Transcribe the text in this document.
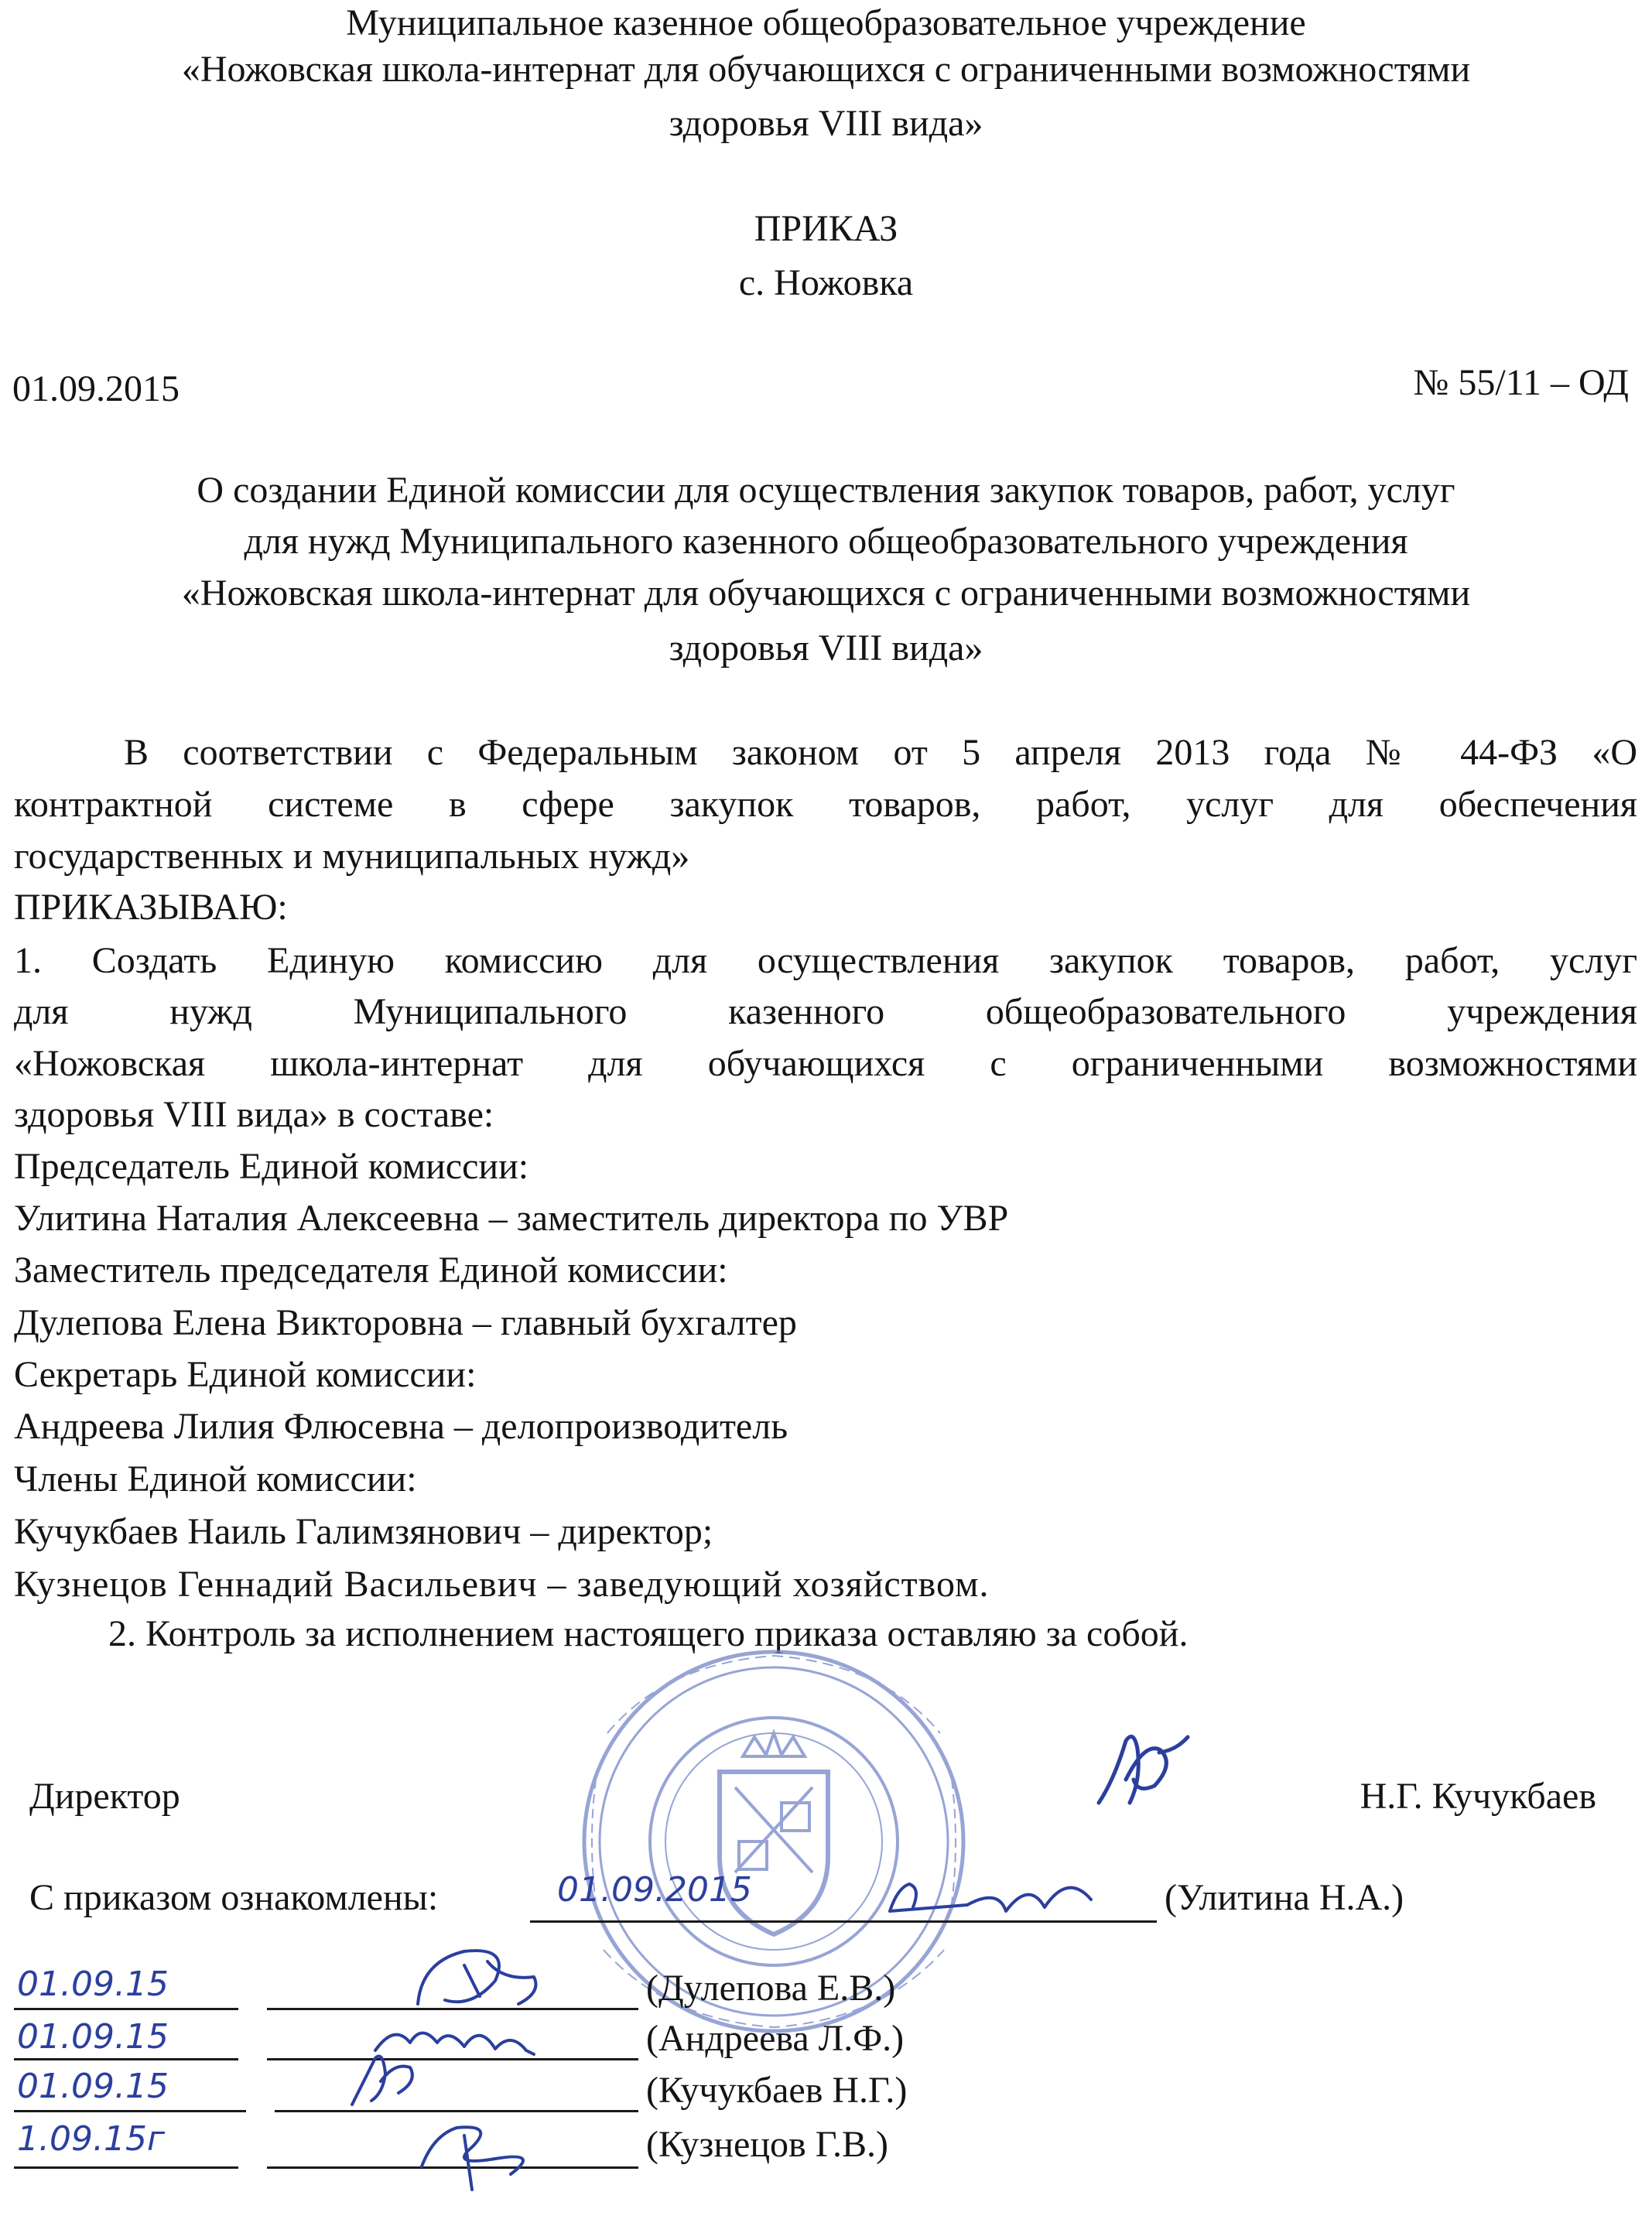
Муниципальное казенное общеобразовательное учреждение
«Ножовская школа-интернат для обучающихся с ограниченными возможностями
здоровья VIII вида»
ПРИКАЗ
с. Ножовка
01.09.2015	№ 55/11 – ОД
О создании Единой комиссии для осуществления закупок товаров, работ, услуг
для нужд Муниципального казенного общеобразовательного учреждения
«Ножовская школа-интернат для обучающихся с ограниченными возможностями
здоровья VIII вида»
В соответствии с Федеральным законом от 5 апреля 2013 года № 44-ФЗ «О
контрактной системе в сфере закупок товаров, работ, услуг для обеспечения
государственных и муниципальных нужд»
ПРИКАЗЫВАЮ:
1. Создать Единую комиссию для осуществления закупок товаров, работ, услуг
для нужд Муниципального казенного общеобразовательного учреждения
«Ножовская школа-интернат для обучающихся с ограниченными возможностями
здоровья VIII вида» в составе:
Председатель Единой комиссии:
Улитина Наталия Алексеевна – заместитель директора по УВР
Заместитель председателя Единой комиссии:
Дулепова Елена Викторовна – главный бухгалтер
Секретарь Единой комиссии:
Андреева Лилия Флюсевна – делопроизводитель
Члены Единой комиссии:
Кучукбаев Наиль Галимзянович – директор;
Кузнецов Геннадий Васильевич – заведующий хозяйством.
2. Контроль за исполнением настоящего приказа оставляю за собой.
Директор	Н.Г. Кучукбаев
С приказом ознакомлены:	01.09.2015	(Улитина Н.А.)
01.09.15	(Дулепова Е.В.)
01.09.15	(Андреева Л.Ф.)
01.09.15	(Кучукбаев Н.Г.)
1.09.15г	(Кузнецов Г.В.)
